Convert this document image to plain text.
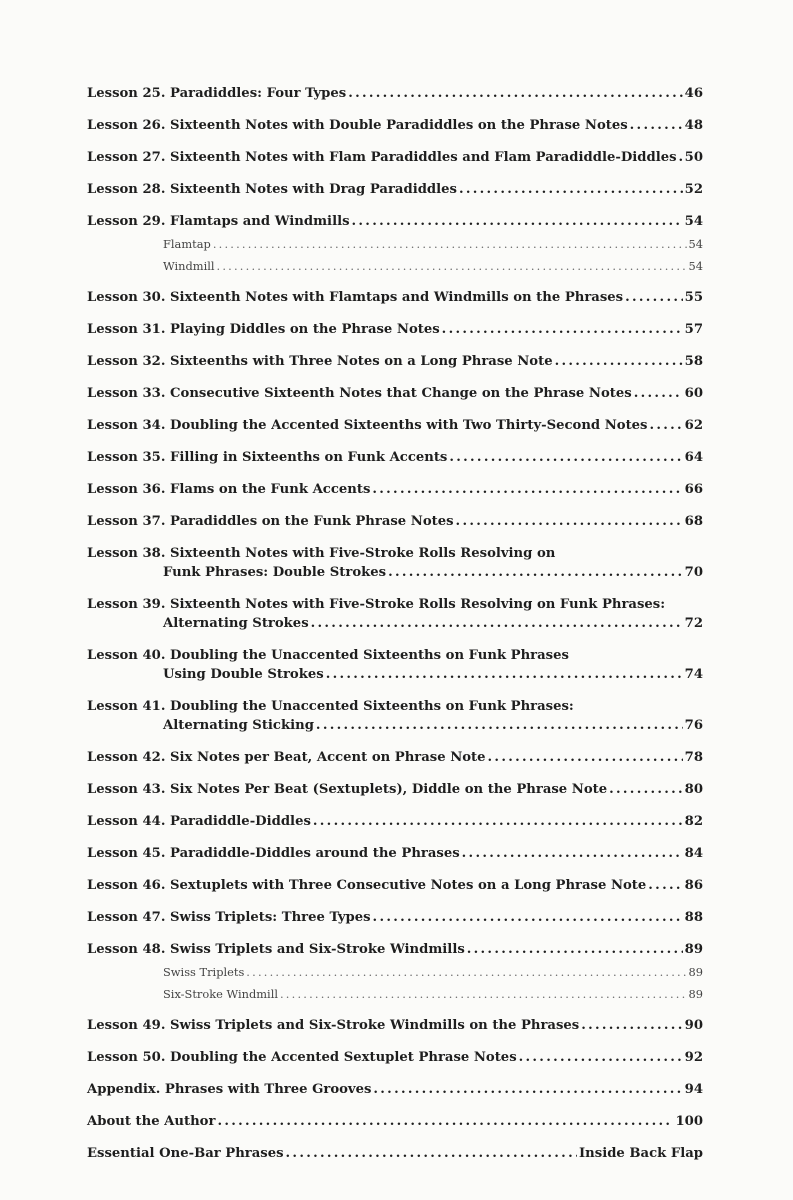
Lesson 25. Paradiddles: Four Types .....	46
Lesson 26. Sixteenth Notes with Double Paradiddles on the Phrase Notes .....	48
Lesson 27. Sixteenth Notes with Flam Paradiddles and Flam Paradiddle-Diddles ..... 50
Lesson 28. Sixteenth Notes with Drag Paradiddles .....	52
Lesson 29. Flamtaps and Windmills .....	54
Flamtap .....	54
Windmill .....	54
Lesson 30. Sixteenth Notes with Flamtaps and Windmills on the Phrases .....	55
Lesson 31. Playing Diddles on the Phrase Notes .....	57
Lesson 32. Sixteenths with Three Notes on a Long Phrase Note .....	58
Lesson 33. Consecutive Sixteenth Notes that Change on the Phrase Notes .....	60
Lesson 34. Doubling the Accented Sixteenths with Two Thirty-Second Notes .....	62
Lesson 35. Filling in Sixteenths on Funk Accents .....	64
Lesson 36. Flams on the Funk Accents .....	66
Lesson 37. Paradiddles on the Funk Phrase Notes .....	68
Lesson 38. Sixteenth Notes with Five-Stroke Rolls Resolving on
Funk Phrases: Double Strokes .....	70
Lesson 39. Sixteenth Notes with Five-Stroke Rolls Resolving on Funk Phrases:
Alternating Strokes .....	72
Lesson 40. Doubling the Unaccented Sixteenths on Funk Phrases
Using Double Strokes .....	74
Lesson 41. Doubling the Unaccented Sixteenths on Funk Phrases:
Alternating Sticking .....	76
Lesson 42. Six Notes per Beat, Accent on Phrase Note .....	78
Lesson 43. Six Notes Per Beat (Sextuplets), Diddle on the Phrase Note .....	80
Lesson 44. Paradiddle-Diddles .....	82
Lesson 45. Paradiddle-Diddles around the Phrases .....	84
Lesson 46. Sextuplets with Three Consecutive Notes on a Long Phrase Note .....	86
Lesson 47. Swiss Triplets: Three Types .....	88
Lesson 48. Swiss Triplets and Six-Stroke Windmills .....	89
Swiss Triplets .....	89
Six-Stroke Windmill .....	89
Lesson 49. Swiss Triplets and Six-Stroke Windmills on the Phrases .....	90
Lesson 50. Doubling the Accented Sextuplet Phrase Notes .....	92
Appendix. Phrases with Three Grooves .....	94
About the Author .....	100
Essential One-Bar Phrases .....	Inside Back Flap
